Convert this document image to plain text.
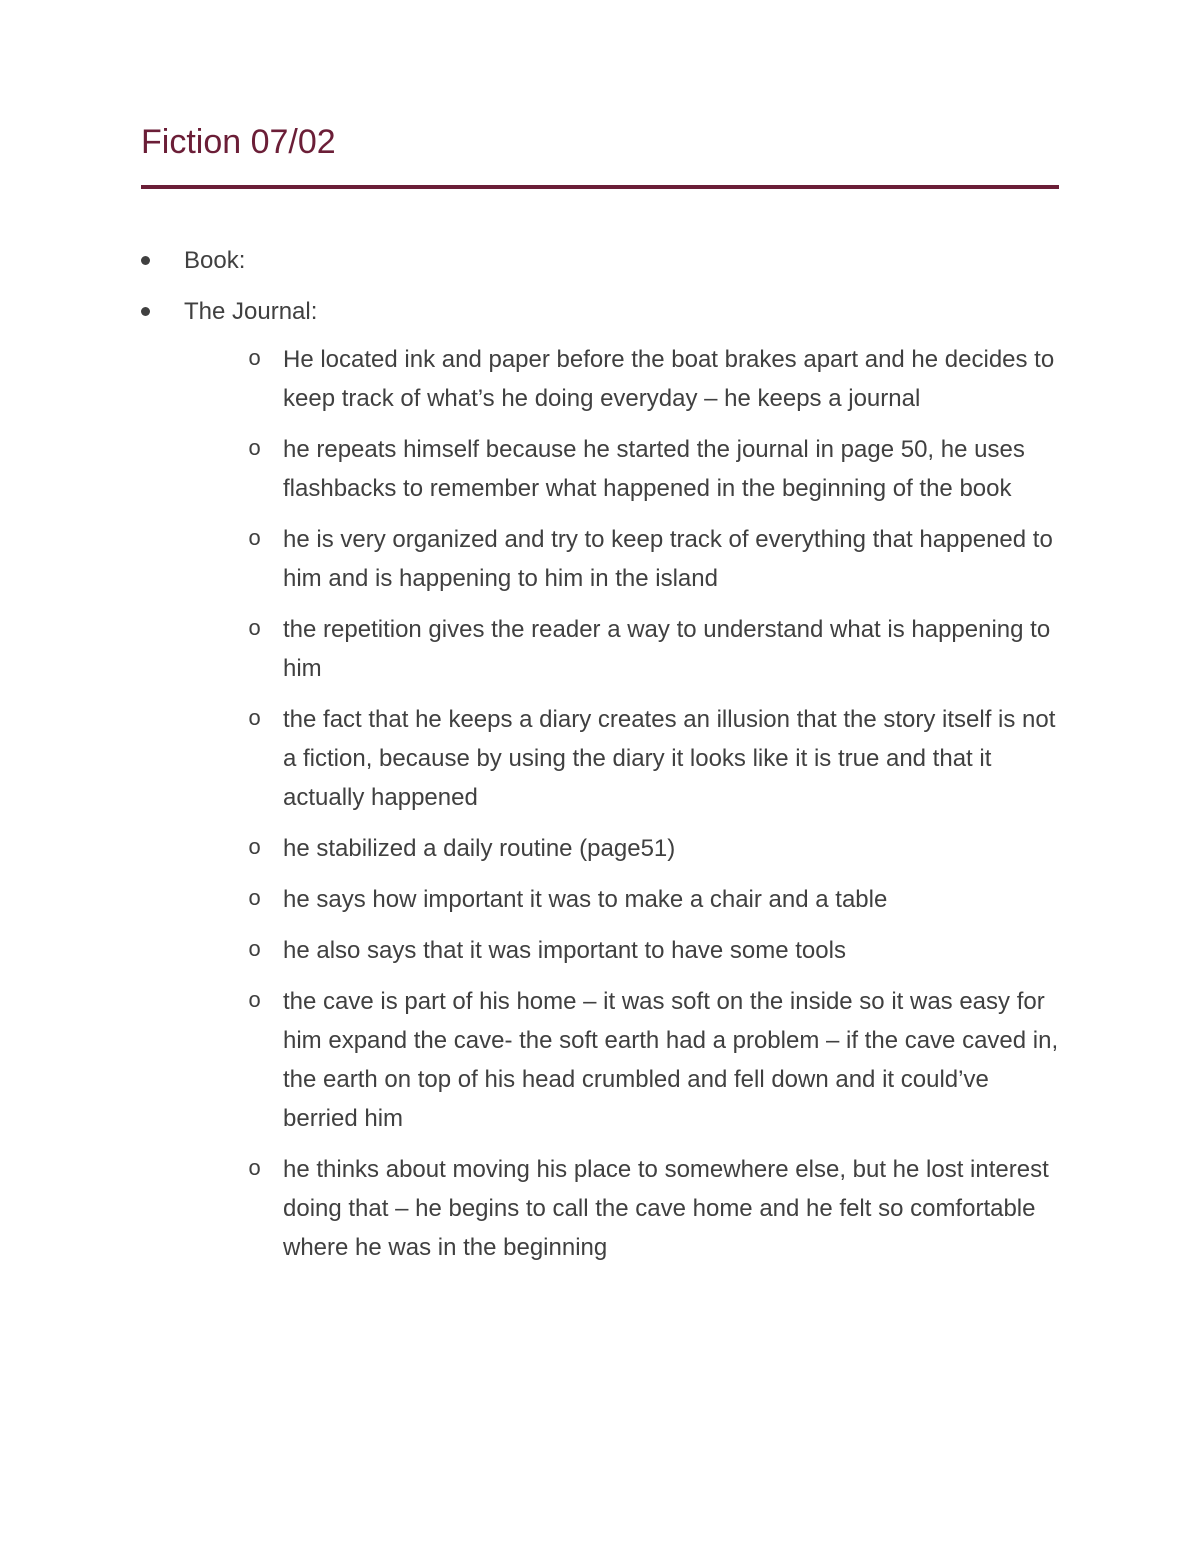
Fiction 07/02
Book:
The Journal:
o He located ink and paper before the boat brakes apart and he decides to keep track of what’s he doing everyday – he keeps a journal
o he repeats himself because he started the journal in page 50, he uses flashbacks to remember what happened in the beginning of the book
o he is very organized and try to keep track of everything that happened to him and is happening to him in the island
o the repetition gives the reader a way to understand what is happening to him
o the fact that he keeps a diary creates an illusion that the story itself is not a fiction, because by using the diary it looks like it is true and that it actually happened
o he stabilized a daily routine (page51)
o he says how important it was to make a chair and a table
o he also says that it was important to have some tools
o the cave is part of his home – it was soft on the inside so it was easy for him expand the cave- the soft earth had a problem – if the cave caved in, the earth on top of his head crumbled and fell down and it could’ve berried him
o he thinks about moving his place to somewhere else, but he lost interest doing that – he begins to call the cave home and he felt so comfortable where he was in the beginning
